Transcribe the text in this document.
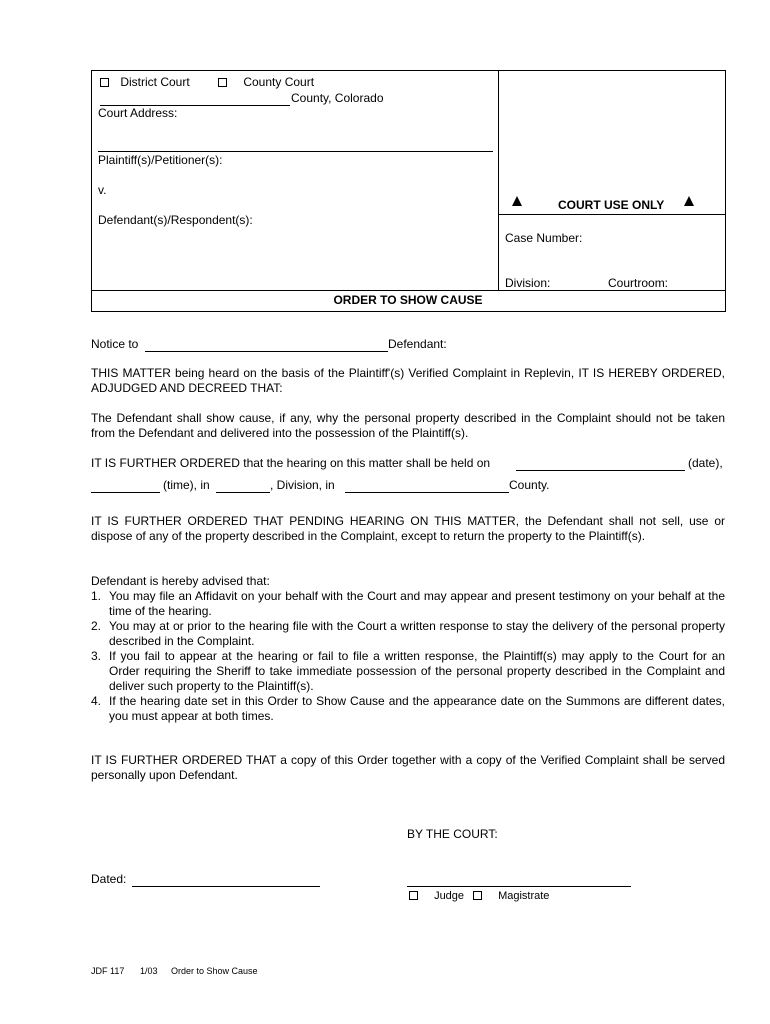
District Court	County Court
County, Colorado
Court Address:
Plaintiff(s)/Petitioner(s):
v.
Defendant(s)/Respondent(s):
COURT USE ONLY
Case Number:
Division:	Courtroom:
ORDER TO SHOW CAUSE
Notice to	Defendant:
THIS MATTER being heard on the basis of the Plaintiff'(s) Verified Complaint in Replevin, IT IS HEREBY ORDERED, ADJUDGED AND DECREED THAT:
The Defendant shall show cause, if any, why the personal property described in the Complaint should not be taken from the Defendant and delivered into the possession of the Plaintiff(s).
IT IS FURTHER ORDERED that the hearing on this matter shall be held on	(date),
(time), in	, Division, in	County.
IT IS FURTHER ORDERED THAT PENDING HEARING ON THIS MATTER, the Defendant shall not sell, use or dispose of any of the property described in the Complaint, except to return the property to the Plaintiff(s).
Defendant is hereby advised that:
1. You may file an Affidavit on your behalf with the Court and may appear and present testimony on your behalf at the time of the hearing.
2. You may at or prior to the hearing file with the Court a written response to stay the delivery of the personal property described in the Complaint.
3. If you fail to appear at the hearing or fail to file a written response, the Plaintiff(s) may apply to the Court for an Order requiring the Sheriff to take immediate possession of the personal property described in the Complaint and deliver such property to the Plaintiff(s).
4. If the hearing date set in this Order to Show Cause and the appearance date on the Summons are different dates, you must appear at both times.
IT IS FURTHER ORDERED THAT a copy of this Order together with a copy of the Verified Complaint shall be served personally upon Defendant.
BY THE COURT:
Dated:
Judge	Magistrate
JDF 117 1/03 Order to Show Cause
